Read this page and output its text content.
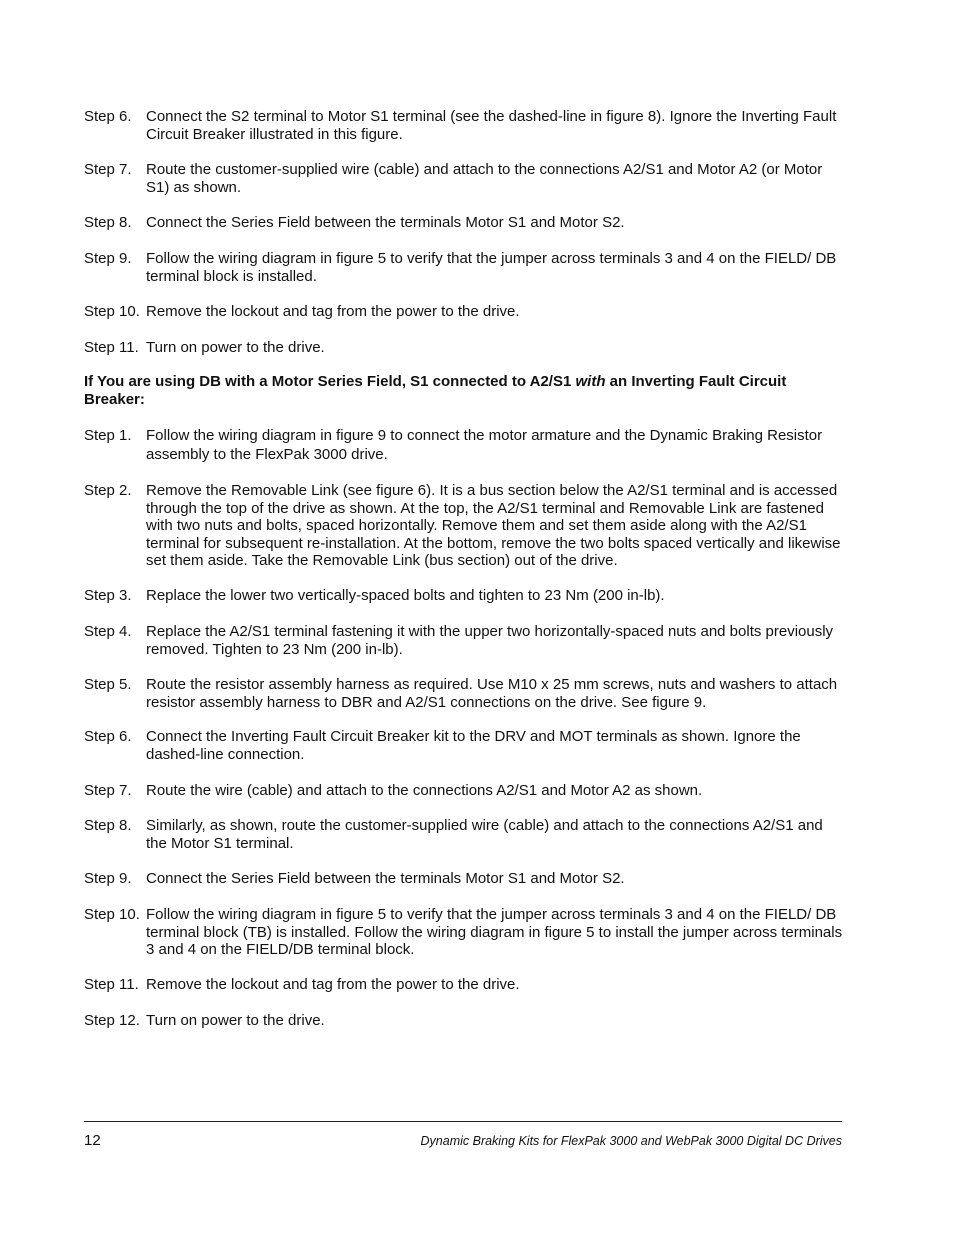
Step 6. Connect the S2 terminal to Motor S1 terminal (see the dashed-line in figure 8). Ignore the Inverting Fault Circuit Breaker illustrated in this figure.
Step 7. Route the customer-supplied wire (cable) and attach to the connections A2/S1 and Motor A2 (or Motor S1) as shown.
Step 8. Connect the Series Field between the terminals Motor S1 and Motor S2.
Step 9. Follow the wiring diagram in figure 5 to verify that the jumper across terminals 3 and 4 on the FIELD/ DB terminal block is installed.
Step 10. Remove the lockout and tag from the power to the drive.
Step 11. Turn on power to the drive.
If You are using DB with a Motor Series Field, S1 connected to A2/S1 with an Inverting Fault Circuit Breaker:
Step 1. Follow the wiring diagram in figure 9 to connect the motor armature and the Dynamic Braking Resistor assembly to the FlexPak 3000 drive.
Step 2. Remove the Removable Link (see figure 6). It is a bus section below the A2/S1 terminal and is accessed through the top of the drive as shown. At the top, the A2/S1 terminal and Removable Link are fastened with two nuts and bolts, spaced horizontally. Remove them and set them aside along with the A2/S1 terminal for subsequent re-installation. At the bottom, remove the two bolts spaced vertically and likewise set them aside. Take the Removable Link (bus section) out of the drive.
Step 3. Replace the lower two vertically-spaced bolts and tighten to 23 Nm (200 in-lb).
Step 4. Replace the A2/S1 terminal fastening it with the upper two horizontally-spaced nuts and bolts previously removed. Tighten to 23 Nm (200 in-lb).
Step 5. Route the resistor assembly harness as required. Use M10 x 25 mm screws, nuts and washers to attach resistor assembly harness to DBR and A2/S1 connections on the drive. See figure 9.
Step 6. Connect the Inverting Fault Circuit Breaker kit to the DRV and MOT terminals as shown. Ignore the dashed-line connection.
Step 7. Route the wire (cable) and attach to the connections A2/S1 and Motor A2 as shown.
Step 8. Similarly, as shown, route the customer-supplied wire (cable) and attach to the connections A2/S1 and the Motor S1 terminal.
Step 9. Connect the Series Field between the terminals Motor S1 and Motor S2.
Step 10. Follow the wiring diagram in figure 5 to verify that the jumper across terminals 3 and 4 on the FIELD/ DB terminal block (TB) is installed. Follow the wiring diagram in figure 5 to install the jumper across terminals 3 and 4 on the FIELD/DB terminal block.
Step 11. Remove the lockout and tag from the power to the drive.
Step 12. Turn on power to the drive.
12	Dynamic Braking Kits for FlexPak 3000 and WebPak 3000 Digital DC Drives
